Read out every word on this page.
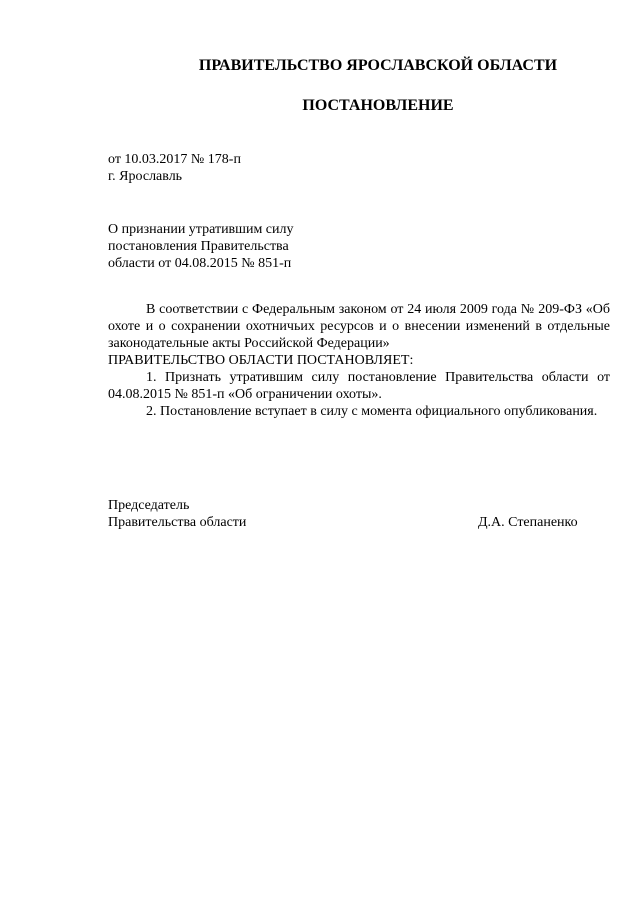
ПРАВИТЕЛЬСТВО ЯРОСЛАВСКОЙ ОБЛАСТИ
ПОСТАНОВЛЕНИЕ
от 10.03.2017 № 178-п
г. Ярославль
О признании утратившим силу
постановления Правительства
области от 04.08.2015 № 851-п

В соответствии с Федеральным законом от 24 июля 2009 года № 209-ФЗ «Об охоте и о сохранении охотничьих ресурсов и о внесении изменений в отдельные законодательные акты Российской Федерации»

ПРАВИТЕЛЬСТВО ОБЛАСТИ ПОСТАНОВЛЯЕТ:

1. Признать утратившим силу постановление Правительства области от 04.08.2015 № 851-п «Об ограничении охоты».

2. Постановление вступает в силу с момента официального опубликования.

Председатель
Правительства области	Д.А. Степаненко
